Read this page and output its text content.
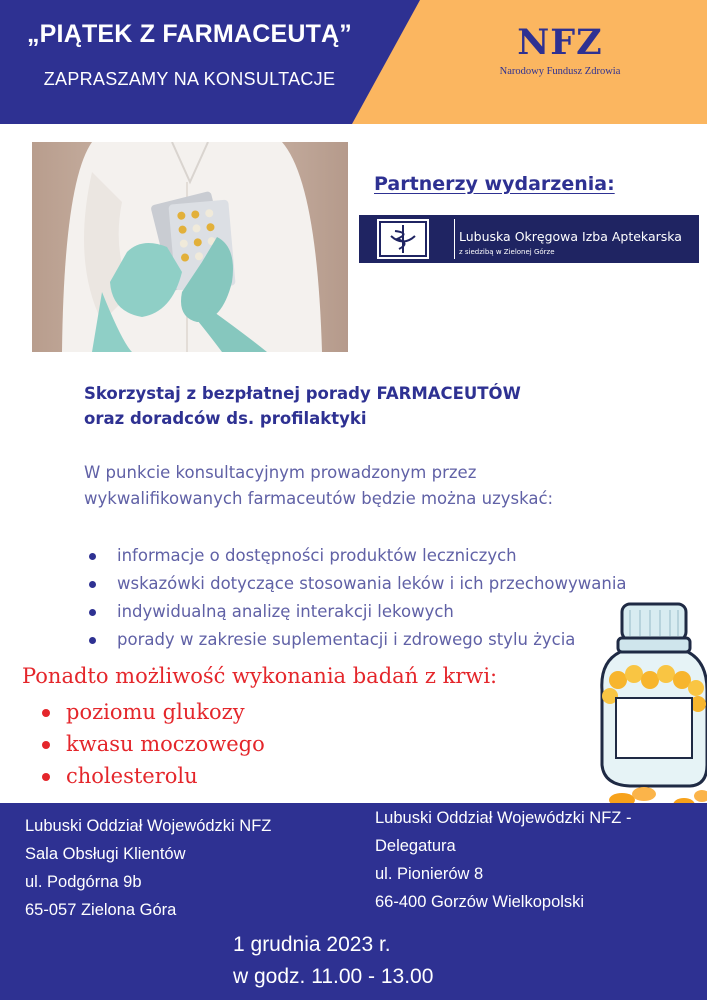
„PIĄTEK Z FARMACEUTĄ”
ZAPRASZAMY NA KONSULTACJE
NFZ
Narodowy Fundusz Zdrowia
Partnerzy wydarzenia:
Lubuska Okręgowa Izba Aptekarska
z siedzibą w Zielonej Górze
Skorzystaj z bezpłatnej porady FARMACEUTÓW
oraz doradców ds. profilaktyki
W punkcie konsultacyjnym prowadzonym przez
wykwalifikowanych farmaceutów będzie można uzyskać:
informacje o dostępności produktów leczniczych
wskazówki dotyczące stosowania leków i ich przechowywania
indywidualną analizę interakcji lekowych
porady w zakresie suplementacji i zdrowego stylu życia
Ponadto możliwość wykonania badań z krwi:
poziomu glukozy
kwasu moczowego
cholesterolu
Lubuski Oddział Wojewódzki NFZ
Sala Obsługi Klientów
ul. Podgórna 9b
65-057 Zielona Góra
Lubuski Oddział Wojewódzki NFZ -
Delegatura
ul. Pionierów 8
66-400 Gorzów Wielkopolski
1 grudnia 2023 r.
w godz. 11.00 - 13.00
